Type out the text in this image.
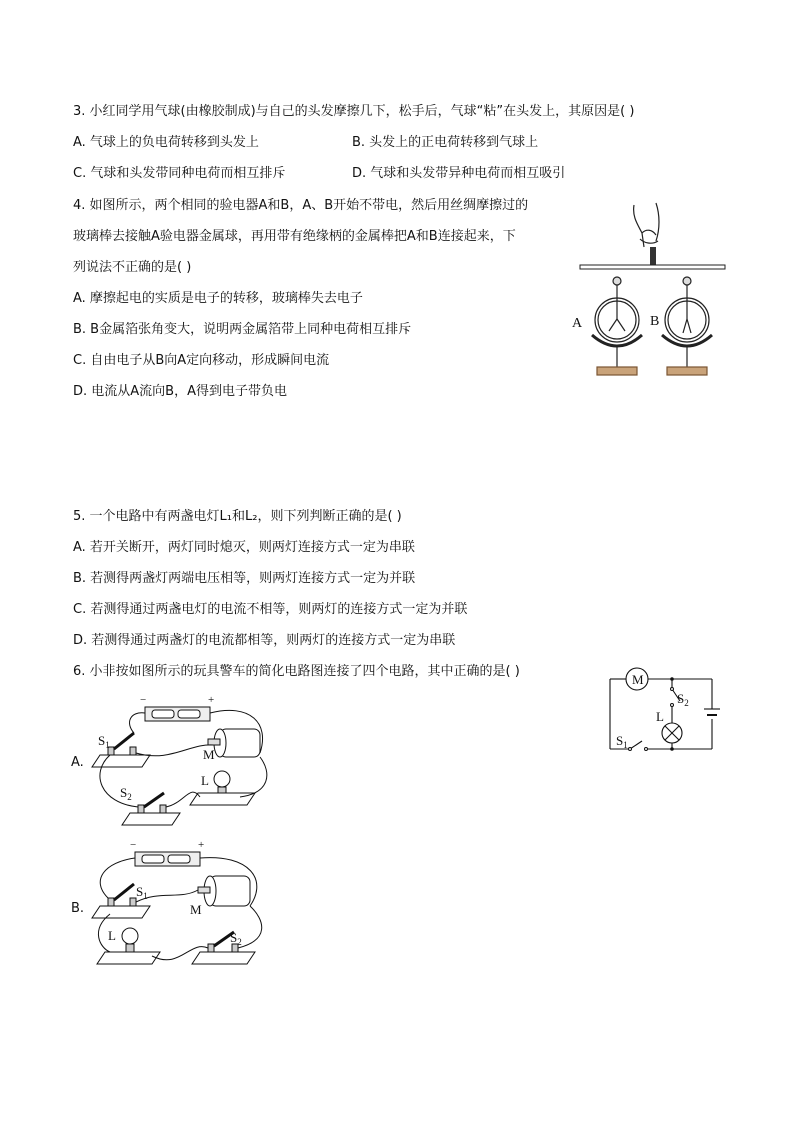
3. 小红同学用气球(由橡胶制成)与自己的头发摩擦几下，松手后，气球“粘”在头发上，其原因是( )
A. 气球上的负电荷转移到头发上	B. 头发上的正电荷转移到气球上
C. 气球和头发带同种电荷而相互排斥	D. 气球和头发带异种电荷而相互吸引
4. 如图所示，两个相同的验电器A和B，A、B开始不带电，然后用丝绸摩擦过的
玻璃棒去接触A验电器金属球，再用带有绝缘柄的金属棒把A和B连接起来，下
列说法不正确的是( )
A. 摩擦起电的实质是电子的转移，玻璃棒失去电子
B. B金属箔张角变大，说明两金属箔带上同种电荷相互排斥
C. 自由电子从B向A定向移动，形成瞬间电流
D. 电流从A流向B，A得到电子带负电
A	B
5. 一个电路中有两盏电灯L₁和L₂，则下列判断正确的是( )
A. 若开关断开，两灯同时熄灭，则两灯连接方式一定为串联
B. 若测得两盏灯两端电压相等，则两灯连接方式一定为并联
C. 若测得通过两盏电灯的电流不相等，则两灯的连接方式一定为并联
D. 若测得通过两盏灯的电流都相等，则两灯的连接方式一定为串联
6. 小非按如图所示的玩具警车的简化电路图连接了四个电路，其中正确的是( )
M
L
$S_2$
$S_1$
A.
−	+
$S_1$
$S_2$
M
L
B.
−	+
$S_1$
$S_2$
M
L
